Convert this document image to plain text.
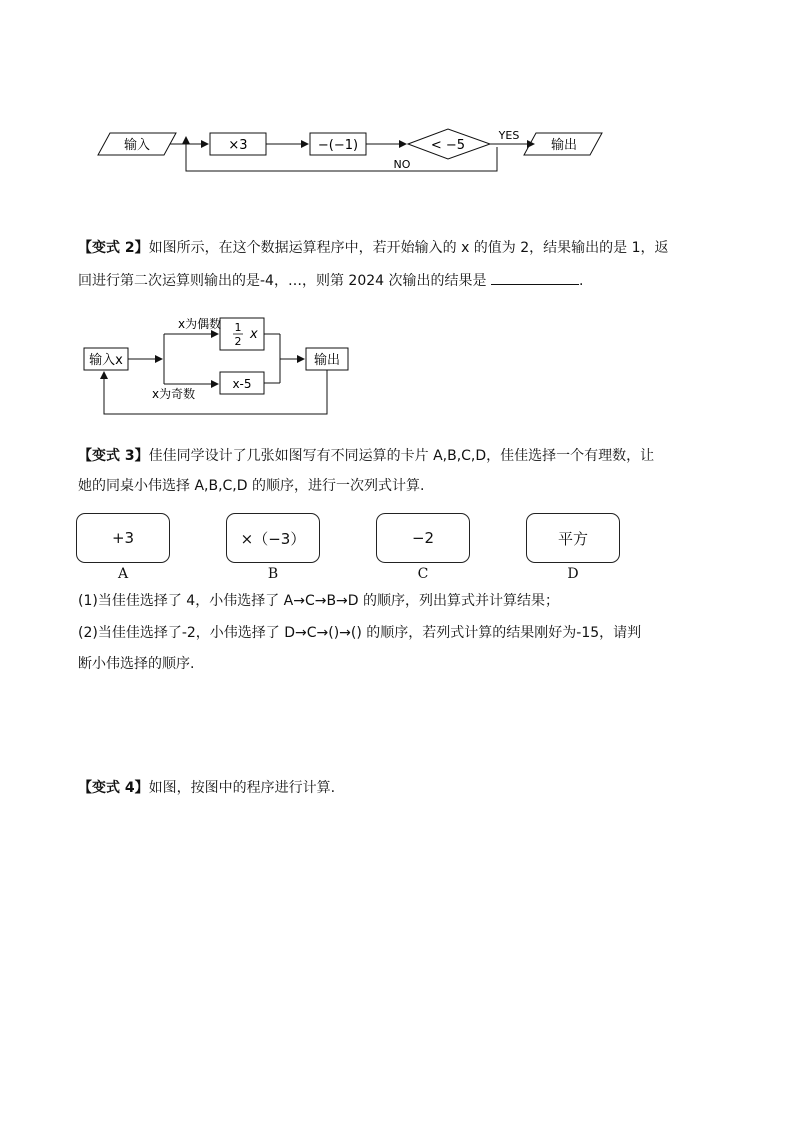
输入	×3	−(−1)	< −5
YES
输出
NO
【变式 2】如图所示，在这个数据运算程序中，若开始输入的 x 的值为 2，结果输出的是 1，返
回进行第二次运算则输出的是-4，…，则第 2024 次输出的结果是	.
输入x
x为偶数
x为奇数
1
2 x
x-5
输出
【变式 3】佳佳同学设计了几张如图写有不同运算的卡片 A,B,C,D，佳佳选择一个有理数，让
她的同桌小伟选择 A,B,C,D 的顺序，进行一次列式计算.
+3
A
×（−3）
B
−2
C
平方
D
(1)当佳佳选择了 4，小伟选择了 A→C→B→D 的顺序，列出算式并计算结果；
(2)当佳佳选择了-2，小伟选择了 D→C→()→() 的顺序，若列式计算的结果刚好为-15，请判
断小伟选择的顺序.
【变式 4】如图，按图中的程序进行计算.
